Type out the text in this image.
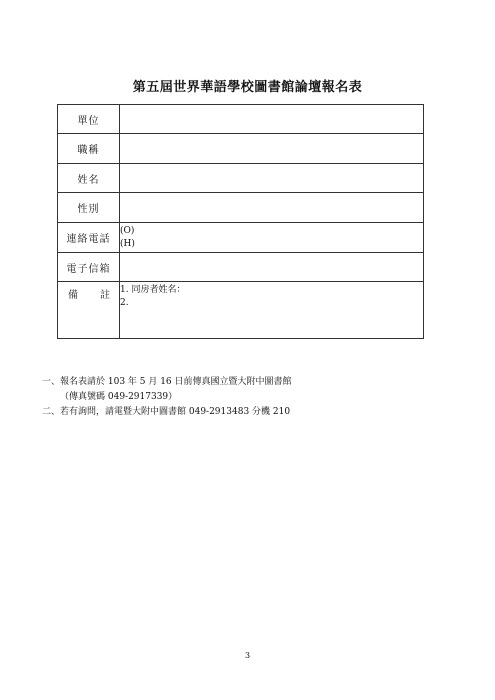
第五屆世界華語學校圖書館論壇報名表
單位	
職稱	
姓名	
性別	
連絡電話	(O)
(H)

電子信箱	

備 註	1. 同房者姓名：
2.
一、報名表請於 103 年 5 月 16 日前傳真國立暨大附中圖書館
（傳真號碼 049-2917339）
二、若有詢問，請電暨大附中圖書館 049-2913483 分機 210
3
